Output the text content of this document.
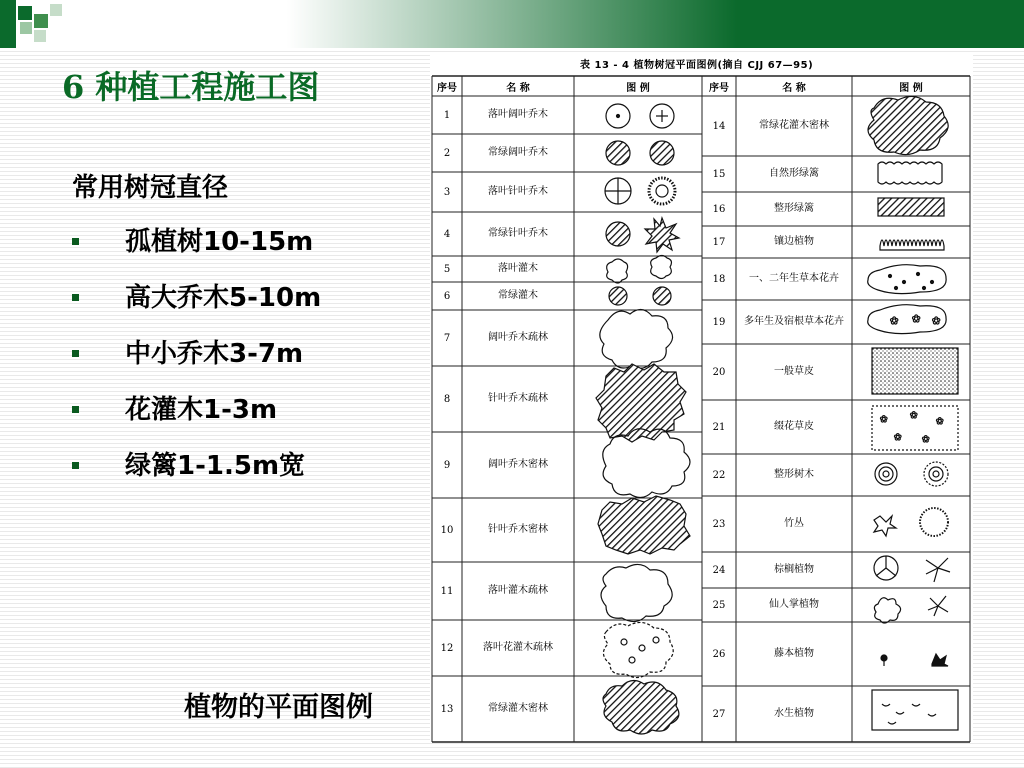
6 种植工程施工图
常用树冠直径
孤植树10-15m
高大乔木5-10m
中小乔木3-7m
花灌木1-3m
绿篱1-1.5m宽
植物的平面图例
表 13 - 4 植物树冠平面图例(摘自 CJJ 67—95)
✿ ✿ ✿
✿ ✿
✿
✿ ✿
序号	名 称	图 例	序号	名 称	图 例
1	落叶阔叶乔木
2	常绿阔叶乔木
3	落叶针叶乔木
4	常绿针叶乔木
5	落叶灌木
6	常绿灌木
7	阔叶乔木疏林
8	针叶乔木疏林
9	阔叶乔木密林
10	针叶乔木密林
11	落叶灌木疏林
12	落叶花灌木疏林
13	常绿灌木密林
14	常绿花灌木密林
15	自然形绿篱
16	整形绿篱
17	镶边植物
18	一、二年生草本花卉
19	多年生及宿根草本花卉
20	一般草皮
21	缀花草皮
22	整形树木
23	竹丛
24	棕榈植物
25	仙人掌植物
26	藤本植物
27	水生植物
